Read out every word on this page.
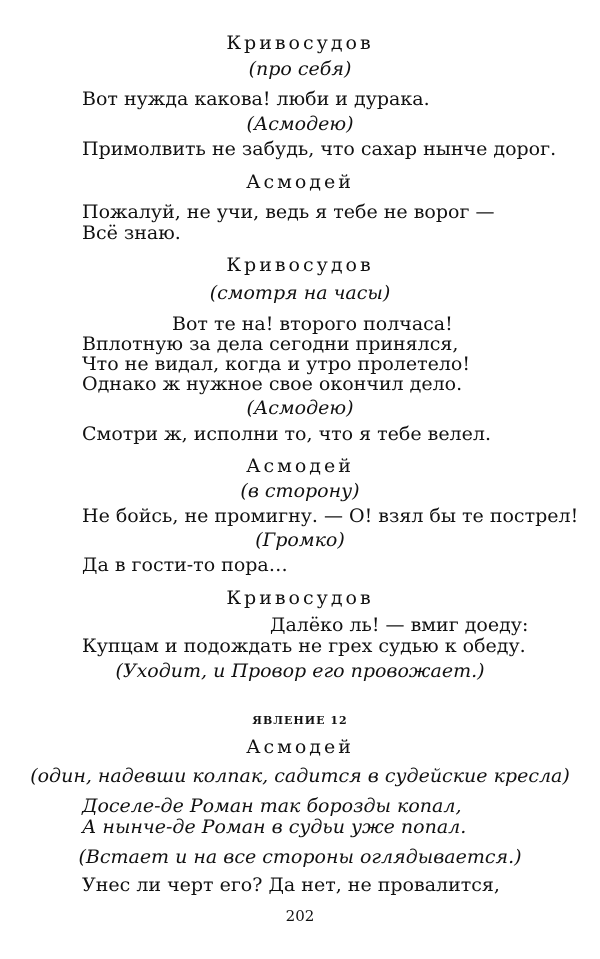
Кривосудов
(про себя)
Вот нужда какова! люби и дурака.
(Асмодею)
Примолвить не забудь, что сахар нынче дорог.
Асмодей
Пожалуй, не учи, ведь я тебе не ворог —
Всё знаю.
Кривосудов
(смотря на часы)
Вот те на! второго полчаса!
Вплотную за дела сегодни принялся,
Что не видал, когда и утро пролетело!
Однако ж нужное свое окончил дело.
(Асмодею)
Смотри ж, исполни то, что я тебе велел.
Асмодей
(в сторону)
Не бойсь, не промигну. — О! взял бы те пострел!
(Громко)
Да в гости-то пора…
Кривосудов
Далёко ль! — вмиг доеду:
Купцам и подождать не грех судью к обеду.
(Уходит, и Провор его провожает.)
ЯВЛЕНИЕ 12
Асмодей
(один, надевши колпак, садится в судейские кресла)
Доселе-де Роман так борозды копал,
А нынче-де Роман в судьи уже попал.
(Встает и на все стороны оглядывается.)
Унес ли черт его? Да нет, не провалится,
202
